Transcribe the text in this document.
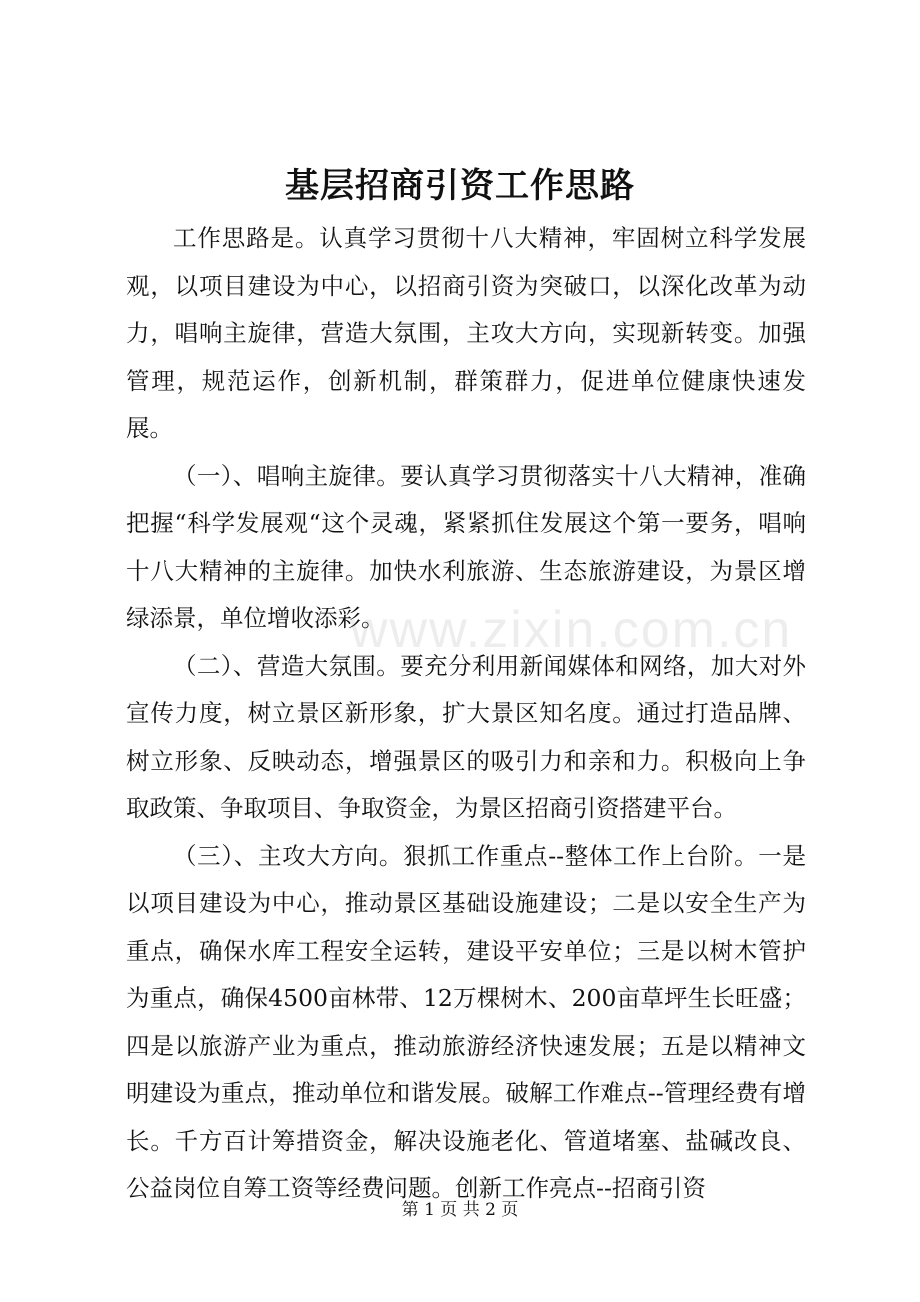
基层招商引资工作思路

工作思路是。认真学习贯彻十八大精神，牢固树立科学发展观，以项目建设为中心，以招商引资为突破口，以深化改革为动力，唱响主旋律，营造大氛围，主攻大方向，实现新转变。加强管理，规范运作，创新机制，群策群力，促进单位健康快速发展。

（一）、唱响主旋律。要认真学习贯彻落实十八大精神，准确把握“科学发展观“这个灵魂，紧紧抓住发展这个第一要务，唱响十八大精神的主旋律。加快水利旅游、生态旅游建设，为景区增绿添景，单位增收添彩。

（二）、营造大氛围。要充分利用新闻媒体和网络，加大对外宣传力度，树立景区新形象，扩大景区知名度。通过打造品牌、树立形象、反映动态，增强景区的吸引力和亲和力。积极向上争取政策、争取项目、争取资金，为景区招商引资搭建平台。

（三）、主攻大方向。狠抓工作重点--整体工作上台阶。一是以项目建设为中心，推动景区基础设施建设；二是以安全生产为重点，确保水库工程安全运转，建设平安单位；三是以树木管护为重点，确保4500亩林带、12万棵树木、200亩草坪生长旺盛；四是以旅游产业为重点，推动旅游经济快速发展；五是以精神文明建设为重点，推动单位和谐发展。破解工作难点--管理经费有增长。千方百计筹措资金，解决设施老化、管道堵塞、盐碱改良、公益岗位自筹工资等经费问题。创新工作亮点--招商引资

www.zixin.com.cn
第 1 页 共 2 页
